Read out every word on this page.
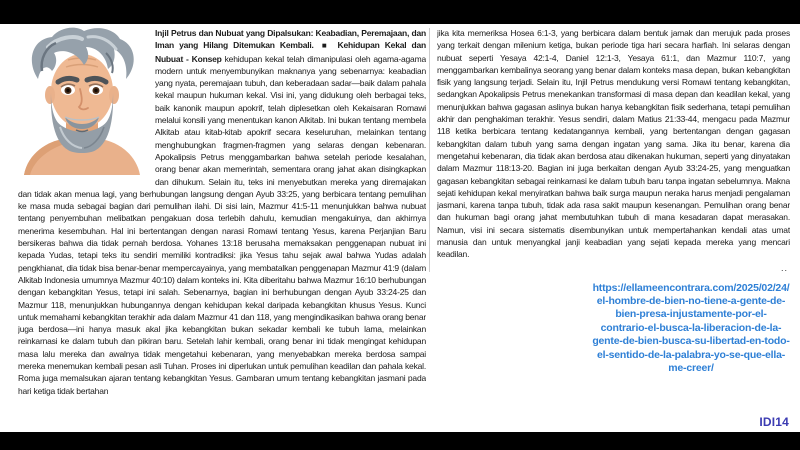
Injil Petrus dan Nubuat yang Dipalsukan: Keabadian, Peremajaan, dan Iman yang Hilang Ditemukan Kembali. ■ Kehidupan Kekal dan Nubuat - Konsep kehidupan kekal telah dimanipulasi oleh agama-agama modern untuk menyembunyikan maknanya yang sebenarnya: keabadian yang nyata, peremajaan tubuh, dan keberadaan sadar—baik dalam pahala kekal maupun hukuman kekal. Visi ini, yang didukung oleh berbagai teks, baik kanonik maupun apokrif, telah diplesetkan oleh Kekaisaran Romawi melalui konsili yang menentukan kanon Alkitab. Ini bukan tentang membela Alkitab atau kitab-kitab apokrif secara keseluruhan, melainkan tentang menghubungkan fragmen-fragmen yang selaras dengan kebenaran. Apokalipsis Petrus menggambarkan bahwa setelah periode kesalahan, orang benar akan memerintah, sementara orang jahat akan disingkapkan dan dihukum. Selain itu, teks ini menyebutkan mereka yang diremajakan dan tidak akan menua lagi, yang berhubungan langsung dengan Ayub 33:25, yang berbicara tentang pemulihan ke masa muda sebagai bagian dari pemulihan ilahi. Di sisi lain, Mazmur 41:5-11 menunjukkan bahwa nubuat tentang penyembuhan melibatkan pengakuan dosa terlebih dahulu, kemudian mengakuinya, dan akhirnya menerima kesembuhan. Hal ini bertentangan dengan narasi Romawi tentang Yesus, karena Perjanjian Baru bersikeras bahwa dia tidak pernah berdosa. Yohanes 13:18 berusaha memaksakan penggenapan nubuat ini kepada Yudas, tetapi teks itu sendiri memiliki kontradiksi: jika Yesus tahu sejak awal bahwa Yudas adalah pengkhianat, dia tidak bisa benar-benar mempercayainya, yang membatalkan penggenapan Mazmur 41:9 (dalam Alkitab Indonesia umumnya Mazmur 40:10) dalam konteks ini. Kita diberitahu bahwa Mazmur 16:10 berhubungan dengan kebangkitan Yesus, tetapi ini salah. Sebenarnya, bagian ini berhubungan dengan Ayub 33:24-25 dan Mazmur 118, menunjukkan hubungannya dengan kehidupan kekal daripada kebangkitan khusus Yesus. Kunci untuk memahami kebangkitan terakhir ada dalam Mazmur 41 dan 118, yang mengindikasikan bahwa orang benar juga berdosa—ini hanya masuk akal jika kebangkitan bukan sekadar kembali ke tubuh lama, melainkan reinkarnasi ke dalam tubuh dan pikiran baru. Setelah lahir kembali, orang benar ini tidak mengingat kehidupan masa lalu mereka dan awalnya tidak mengetahui kebenaran, yang menyebabkan mereka berdosa sampai mereka menemukan kembali pesan asli Tuhan. Proses ini diperlukan untuk pemulihan keadilan dan pahala kekal. Roma juga memalsukan ajaran tentang kebangkitan Yesus. Gambaran umum tentang kebangkitan jasmani pada hari ketiga tidak bertahan

jika kita memeriksa Hosea 6:1-3, yang berbicara dalam bentuk jamak dan merujuk pada proses yang terkait dengan milenium ketiga, bukan periode tiga hari secara harfiah. Ini selaras dengan nubuat seperti Yesaya 42:1-4, Daniel 12:1-3, Yesaya 61:1, dan Mazmur 110:7, yang menggambarkan kembalinya seorang yang benar dalam konteks masa depan, bukan kebangkitan fisik yang langsung terjadi. Selain itu, Injil Petrus mendukung versi Romawi tentang kebangkitan, sedangkan Apokalipsis Petrus menekankan transformasi di masa depan dan keadilan kekal, yang menunjukkan bahwa gagasan aslinya bukan hanya kebangkitan fisik sederhana, tetapi pemulihan akhir dan penghakiman terakhir. Yesus sendiri, dalam Matius 21:33-44, mengacu pada Mazmur 118 ketika berbicara tentang kedatangannya kembali, yang bertentangan dengan gagasan kebangkitan dalam tubuh yang sama dengan ingatan yang sama. Jika itu benar, karena dia mengetahui kebenaran, dia tidak akan berdosa atau dikenakan hukuman, seperti yang dinyatakan dalam Mazmur 118:13-20. Bagian ini juga berkaitan dengan Ayub 33:24-25, yang menguatkan gagasan kebangkitan sebagai reinkarnasi ke dalam tubuh baru tanpa ingatan sebelumnya. Makna sejati kehidupan kekal menyiratkan bahwa baik surga maupun neraka harus menjadi pengalaman jasmani, karena tanpa tubuh, tidak ada rasa sakit maupun kesenangan. Pemulihan orang benar dan hukuman bagi orang jahat membutuhkan tubuh di mana kesadaran dapat merasakan. Namun, visi ini secara sistematis disembunyikan untuk mempertahankan kendali atas umat manusia dan untuk menyangkal janji keabadian yang sejati kepada mereka yang mencari keadilan.

..
https://ellameencontrara.com/2025/02/24/el-hombre-de-bien-no-tiene-a-gente-de-bien-presa-injustamente-por-el-contrario-el-busca-la-liberacion-de-la-gente-de-bien-busca-su-libertad-en-todo-el-sentido-de-la-palabra-yo-se-que-ella-me-creer/
IDI14
